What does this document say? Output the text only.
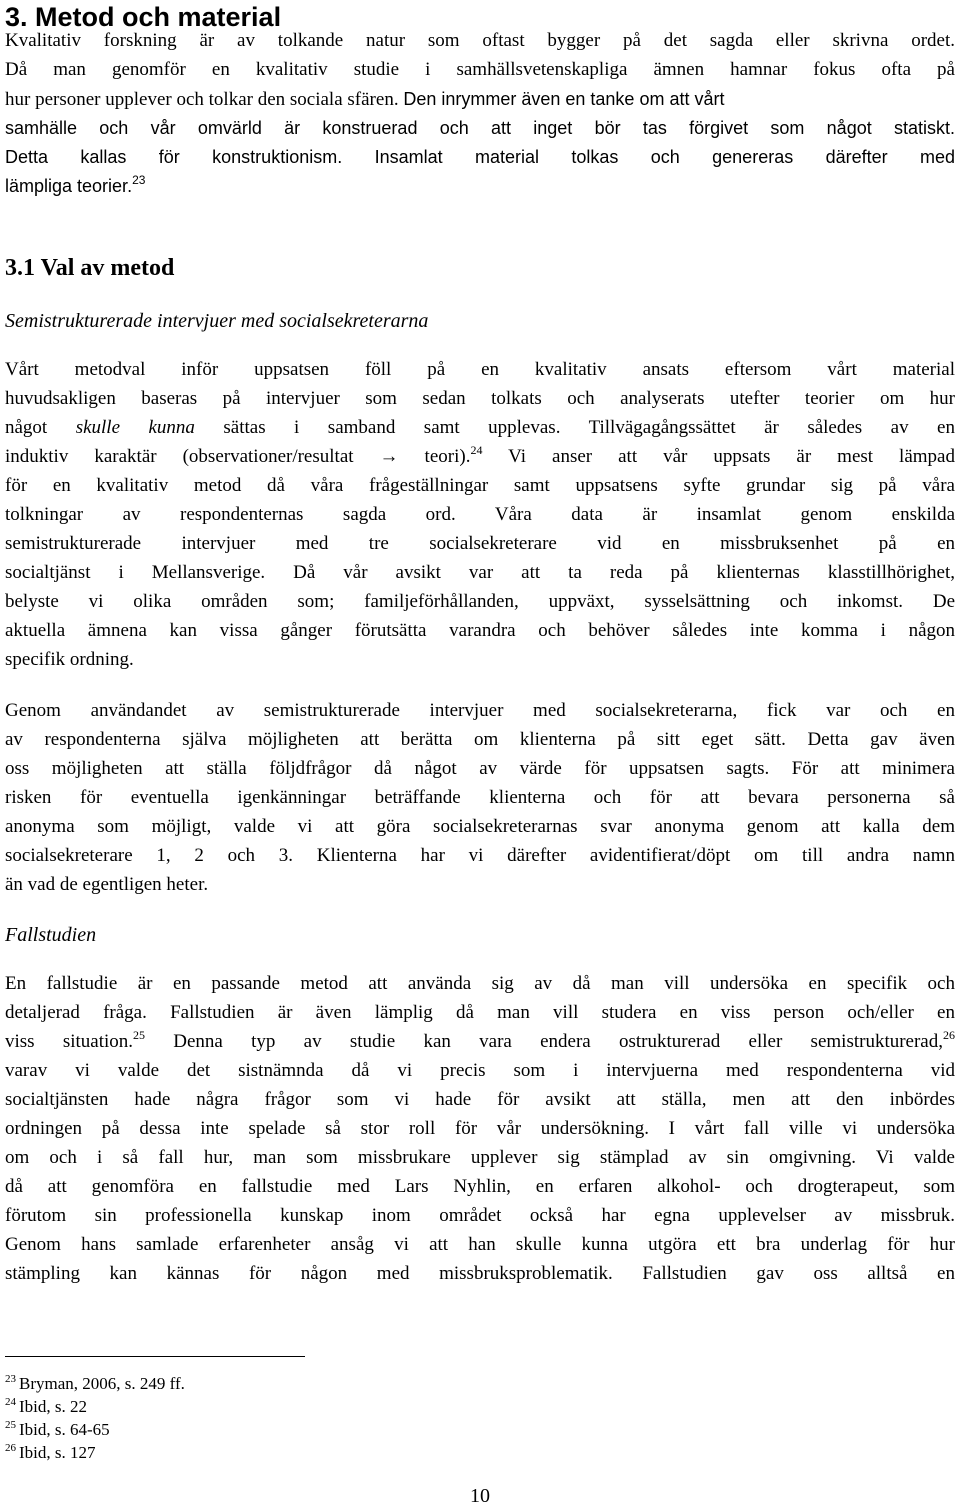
3. Metod och material
Kvalitativ forskning är av tolkande natur som oftast bygger på det sagda eller skrivna ordet.
Då man genomför en kvalitativ studie i samhällsvetenskapliga ämnen hamnar fokus ofta på
hur personer upplever och tolkar den sociala sfären. Den inrymmer även en tanke om att vårt
samhälle och vår omvärld är konstruerad och att inget bör tas förgivet som något statiskt.
Detta kallas för konstruktionism. Insamlat material tolkas och genereras därefter med
lämpliga teorier.$^{23}$
3.1 Val av metod
Semistrukturerade intervjuer med socialsekreterarna
Vårt metodval inför uppsatsen föll på en kvalitativ ansats eftersom vårt material
huvudsakligen baseras på intervjuer som sedan tolkats och analyserats utefter teorier om hur
något skulle kunna sättas i samband samt upplevas. Tillvägagångssättet är således av en
induktiv karaktär (observationer/resultat → teori).$^{24}$ Vi anser att vår uppsats är mest lämpad
för en kvalitativ metod då våra frågeställningar samt uppsatsens syfte grundar sig på våra
tolkningar av respondenternas sagda ord. Våra data är insamlat genom enskilda
semistrukturerade intervjuer med tre socialsekreterare vid en missbruksenhet på en
socialtjänst i Mellansverige. Då vår avsikt var att ta reda på klienternas klasstillhörighet,
belyste vi olika områden som; familjeförhållanden, uppväxt, sysselsättning och inkomst. De
aktuella ämnena kan vissa gånger förutsätta varandra och behöver således inte komma i någon
specifik ordning.
Genom användandet av semistrukturerade intervjuer med socialsekreterarna, fick var och en
av respondenterna själva möjligheten att berätta om klienterna på sitt eget sätt. Detta gav även
oss möjligheten att ställa följdfrågor då något av värde för uppsatsen sagts. För att minimera
risken för eventuella igenkänningar beträffande klienterna och för att bevara personerna så
anonyma som möjligt, valde vi att göra socialsekreterarnas svar anonyma genom att kalla dem
socialsekreterare 1, 2 och 3. Klienterna har vi därefter avidentifierat/döpt om till andra namn
än vad de egentligen heter.
Fallstudien
En fallstudie är en passande metod att använda sig av då man vill undersöka en specifik och
detaljerad fråga. Fallstudien är även lämplig då man vill studera en viss person och/eller en
viss situation.$^{25}$ Denna typ av studie kan vara endera ostrukturerad eller semistrukturerad,$^{26}$
varav vi valde det sistnämnda då vi precis som i intervjuerna med respondenterna vid
socialtjänsten hade några frågor som vi hade för avsikt att ställa, men att den inbördes
ordningen på dessa inte spelade så stor roll för vår undersökning. I vårt fall ville vi undersöka
om och i så fall hur, man som missbrukare upplever sig stämplad av sin omgivning. Vi valde
då att genomföra en fallstudie med Lars Nyhlin, en erfaren alkohol- och drogterapeut, som
förutom sin professionella kunskap inom området också har egna upplevelser av missbruk.
Genom hans samlade erfarenheter ansåg vi att han skulle kunna utgöra ett bra underlag för hur
stämpling kan kännas för någon med missbruksproblematik. Fallstudien gav oss alltså en
$^{23}$ Bryman, 2006, s. 249 ff.
$^{24}$ Ibid, s. 22
$^{25}$ Ibid, s. 64-65
$^{26}$ Ibid, s. 127
10
